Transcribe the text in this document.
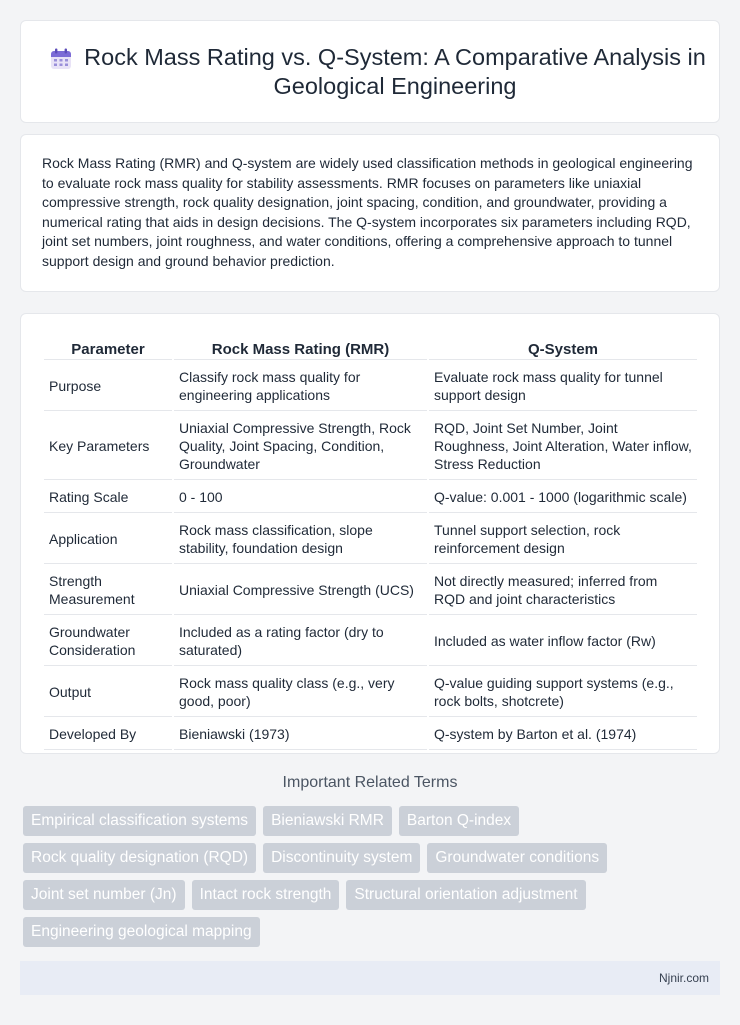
Rock Mass Rating vs. Q-System: A Comparative Analysis in Geological Engineering

Rock Mass Rating (RMR) and Q-system are widely used classification methods in geological engineering to evaluate rock mass quality for stability assessments. RMR focuses on parameters like uniaxial compressive strength, rock quality designation, joint spacing, condition, and groundwater, providing a numerical rating that aids in design decisions. The Q-system incorporates six parameters including RQD, joint set numbers, joint roughness, and water conditions, offering a comprehensive approach to tunnel support design and ground behavior prediction.

Parameter	Rock Mass Rating (RMR)	Q-System
Purpose	Classify rock mass quality for engineering applications	Evaluate rock mass quality for tunnel support design
Key Parameters	Uniaxial Compressive Strength, Rock Quality, Joint Spacing, Condition, Groundwater	RQD, Joint Set Number, Joint Roughness, Joint Alteration, Water inflow, Stress Reduction
Rating Scale	0 - 100	Q-value: 0.001 - 1000 (logarithmic scale)
Application	Rock mass classification, slope stability, foundation design	Tunnel support selection, rock reinforcement design
Strength Measurement	Uniaxial Compressive Strength (UCS)	Not directly measured; inferred from RQD and joint characteristics
Groundwater Consideration	Included as a rating factor (dry to saturated)	Included as water inflow factor (Rw)
Output	Rock mass quality class (e.g., very good, poor)	Q-value guiding support systems (e.g., rock bolts, shotcrete)
Developed By	Bieniawski (1973)	Q-system by Barton et al. (1974)
Important Related Terms
Empirical classification systems	Bieniawski RMR	Barton Q-index
Rock quality designation (RQD)	Discontinuity system	Groundwater conditions
Joint set number (Jn)	Intact rock strength	Structural orientation adjustment
Engineering geological mapping
Njnir.com
